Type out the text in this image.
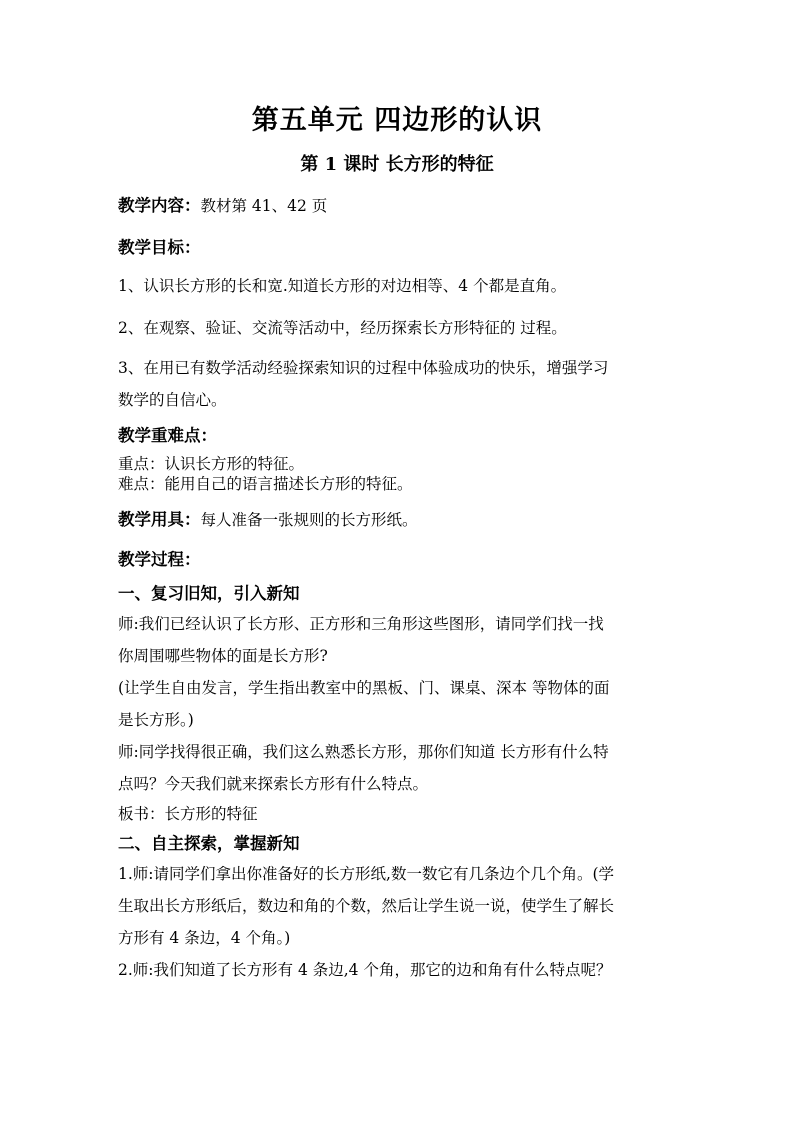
第五单元 四边形的认识
第 1 课时 长方形的特征
教学内容：教材第 41、42 页
教学目标：
1、认识长方形的长和宽.知道长方形的对边相等、4 个都是直角。
2、在观察、验证、交流等活动中，经历探索长方形特征的 过程。
3、在用已有数学活动经验探索知识的过程中体验成功的快乐，增强学习
数学的自信心。
教学重难点：
重点：认识长方形的特征。
难点：能用自己的语言描述长方形的特征。
教学用具：每人准备一张规则的长方形纸。
教学过程：
一、复习旧知，引入新知
师:我们已经认识了长方形、正方形和三角形这些图形，请同学们找一找
你周围哪些物体的面是长方形?
(让学生自由发言，学生指出教室中的黑板、门、课桌、深本 等物体的面
是长方形。)
师:同学找得很正确，我们这么熟悉长方形，那你们知道 长方形有什么特
点吗？今天我们就来探索长方形有什么特点。
板书：长方形的特征
二、自主探索，掌握新知
1.师:请同学们拿出你准备好的长方形纸,数一数它有几条边个几个角。(学
生取出长方形纸后，数边和角的个数，然后让学生说一说，使学生了解长
方形有 4 条边，4 个角。)
2.师:我们知道了长方形有 4 条边,4 个角，那它的边和角有什么特点呢？
